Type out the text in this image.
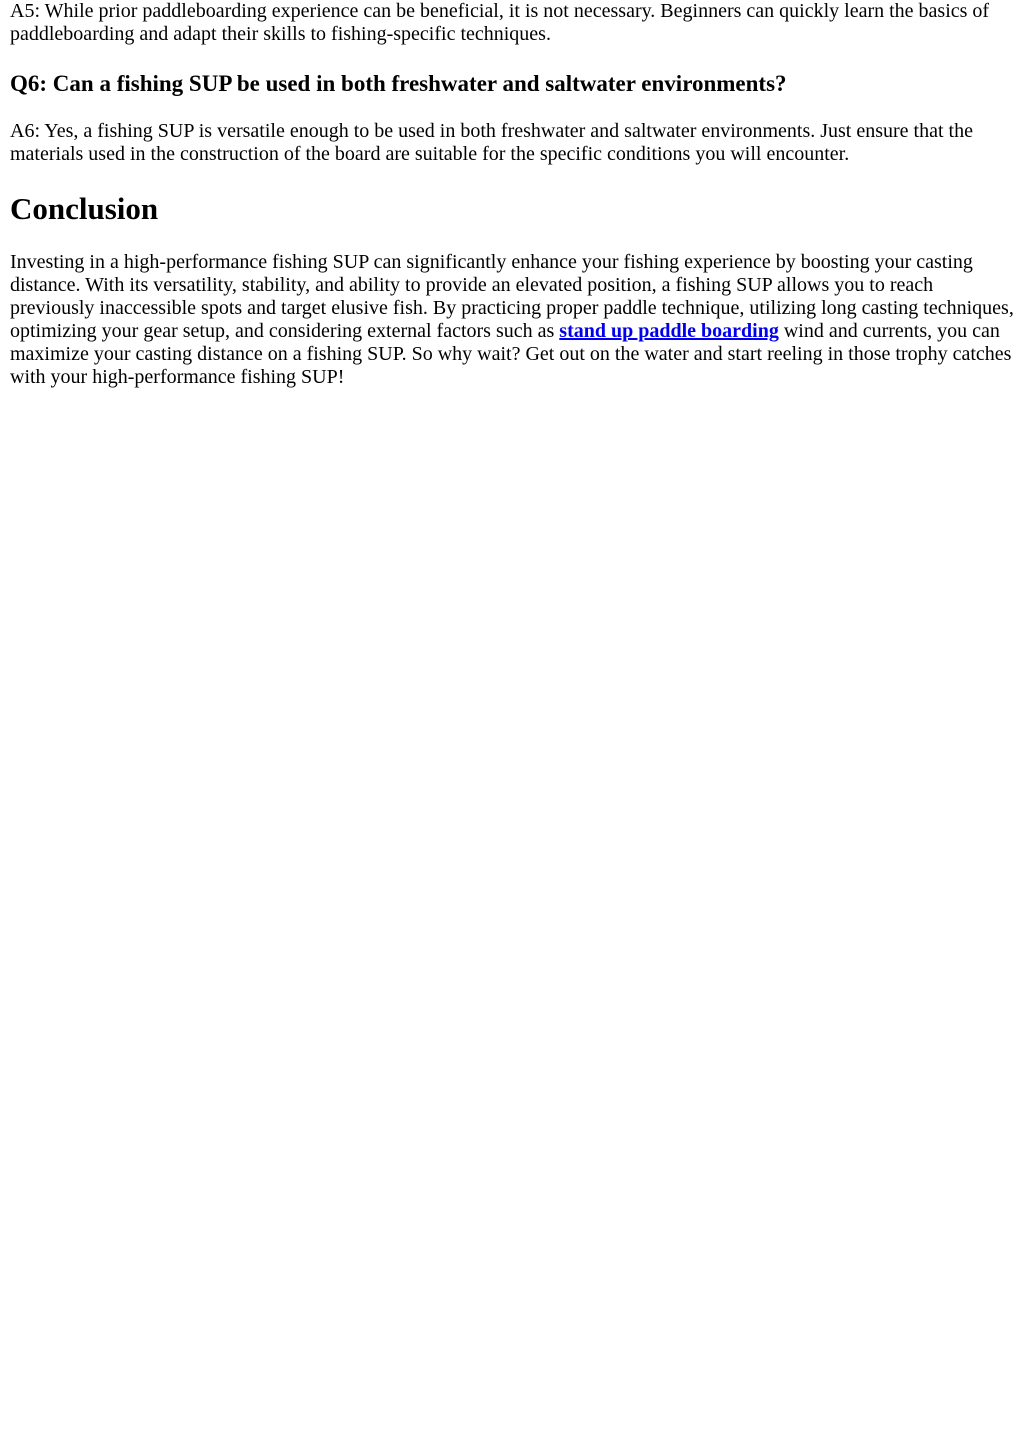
A5: While prior paddleboarding experience can be beneficial, it is not necessary. Beginners can quickly learn the basics of paddleboarding and adapt their skills to fishing-specific techniques.

Q6: Can a fishing SUP be used in both freshwater and saltwater environments?

A6: Yes, a fishing SUP is versatile enough to be used in both freshwater and saltwater environments. Just ensure that the materials used in the construction of the board are suitable for the specific conditions you will encounter.

Conclusion

Investing in a high-performance fishing SUP can significantly enhance your fishing experience by boosting your casting distance. With its versatility, stability, and ability to provide an elevated position, a fishing SUP allows you to reach previously inaccessible spots and target elusive fish. By practicing proper paddle technique, utilizing long casting techniques, optimizing your gear setup, and considering external factors such as stand up paddle boarding wind and currents, you can maximize your casting distance on a fishing SUP. So why wait? Get out on the water and start reeling in those trophy catches with your high-performance fishing SUP!
